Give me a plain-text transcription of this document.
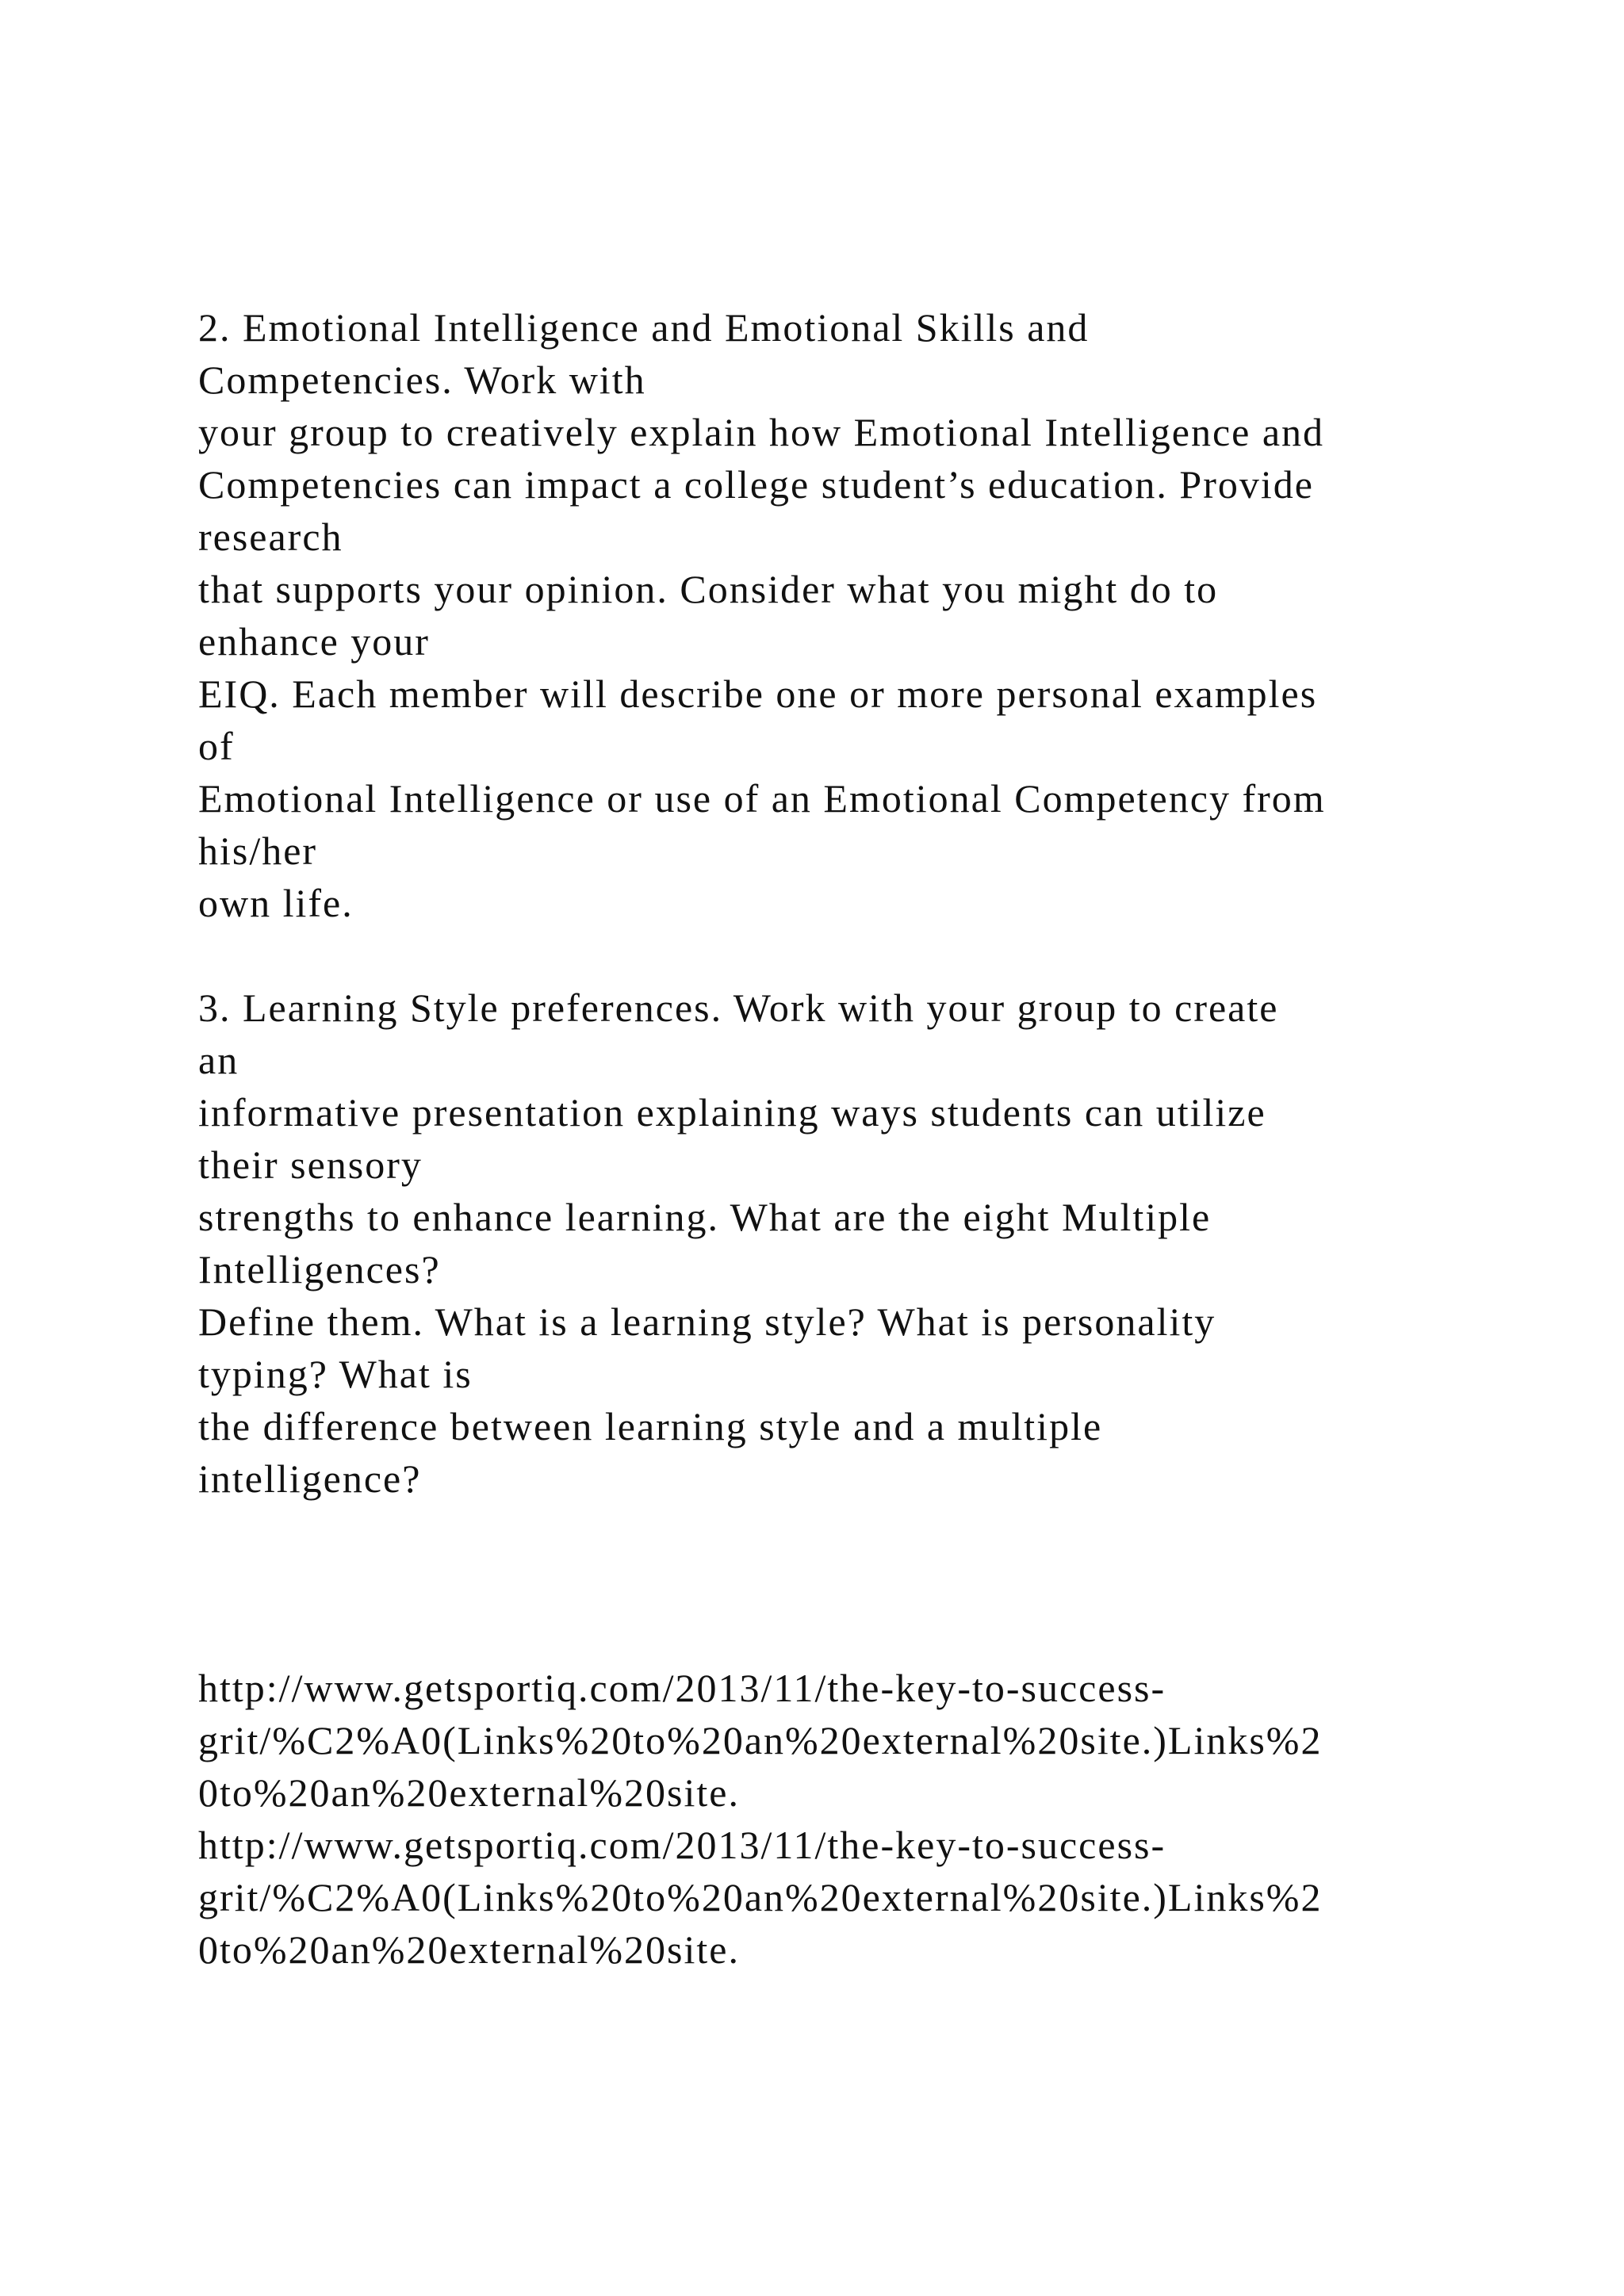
2. Emotional Intelligence and Emotional Skills and
Competencies. Work with
your group to creatively explain how Emotional Intelligence and
Competencies can impact a college student’s education. Provide
research
that supports your opinion. Consider what you might do to
enhance your
EIQ. Each member will describe one or more personal examples
of
Emotional Intelligence or use of an Emotional Competency from
his/her
own life.
3. Learning Style preferences. Work with your group to create
an
informative presentation explaining ways students can utilize
their sensory
strengths to enhance learning. What are the eight Multiple
Intelligences?
Define them. What is a learning style? What is personality
typing? What is
the difference between learning style and a multiple
intelligence?
http://www.getsportiq.com/2013/11/the-key-to-success-
grit/%C2%A0(Links%20to%20an%20external%20site.)Links%2
0to%20an%20external%20site.
http://www.getsportiq.com/2013/11/the-key-to-success-
grit/%C2%A0(Links%20to%20an%20external%20site.)Links%2
0to%20an%20external%20site.
